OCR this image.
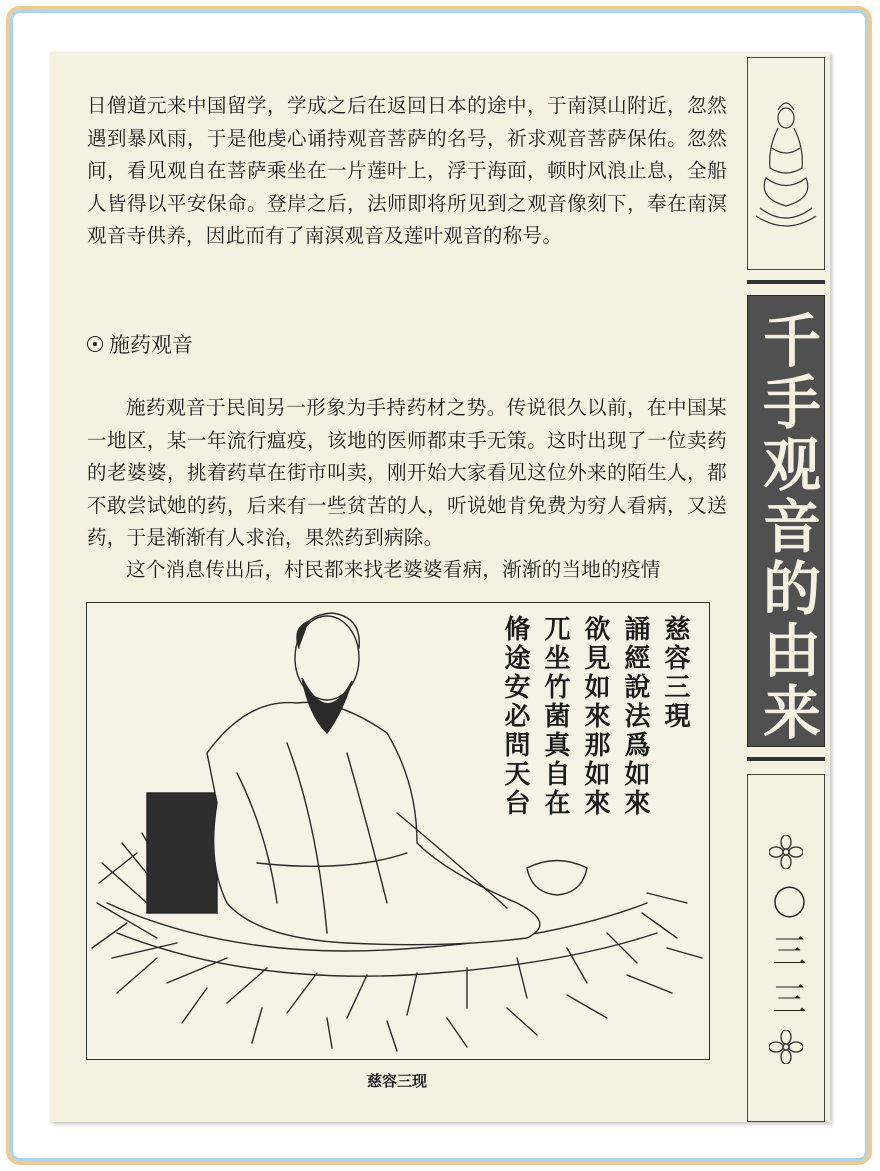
日僧道元来中国留学，学成之后在返回日本的途中，于南溟山附近，忽然遇到暴风雨，于是他虔心诵持观音菩萨的名号，祈求观音菩萨保佑。忽然间，看见观自在菩萨乘坐在一片莲叶上，浮于海面，顿时风浪止息，全船人皆得以平安保命。登岸之后，法师即将所见到之观音像刻下，奉在南溟观音寺供养，因此而有了南溟观音及莲叶观音的称号。

施药观音

施药观音于民间另一形象为手持药材之势。传说很久以前，在中国某一地区，某一年流行瘟疫，该地的医师都束手无策。这时出现了一位卖药的老婆婆，挑着药草在街市叫卖，刚开始大家看见这位外来的陌生人，都不敢尝试她的药，后来有一些贫苦的人，听说她肯免费为穷人看病，又送药，于是渐渐有人求治，果然药到病除。

这个消息传出后，村民都来找老婆婆看病，渐渐的当地的疫情

慈容三現
誦經說法爲如來
欲見如來那如來
兀坐竹菌真自在
脩途安必問天台
慈容三现
千手观音的由来
〇三三
